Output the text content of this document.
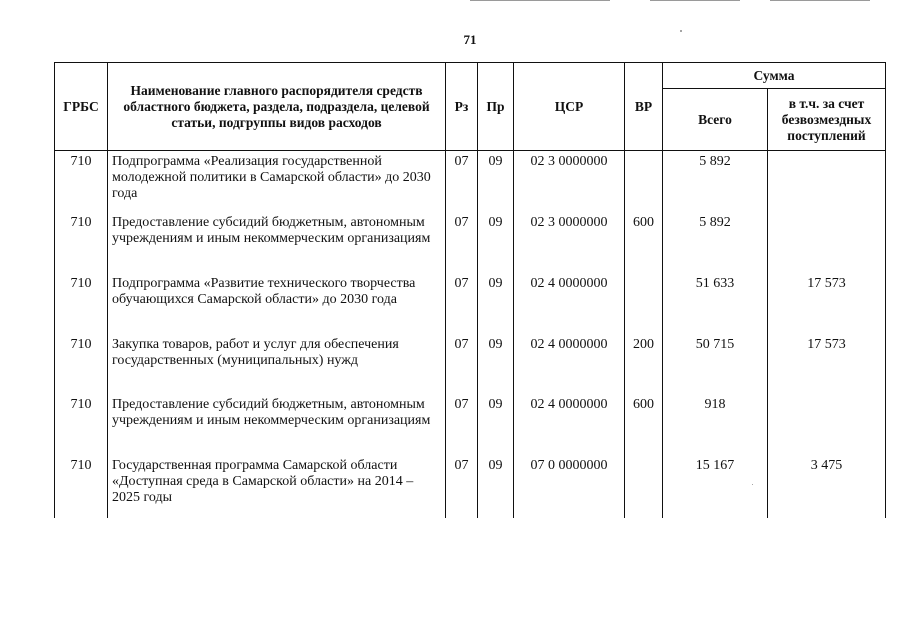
71
ГРБС	Наименование главного распорядителя средств областного бюджета, раздела, подраздела, целевой статьи, подгруппы видов расходов	Рз	Пр	ЦСР	ВР	Сумма	
						Всего	в т.ч. за счет безвозмездных поступлений
710	Подпрограмма «Реализация государственной молодежной политики в Самарской области» до 2030 года	07	09	02 3 0000000		5 892	
710	Предоставление субсидий бюджетным, автономным учреждениям и иным некоммерческим организациям	07	09	02 3 0000000	600	5 892	
710	Подпрограмма «Развитие технического творчества обучающихся Самарской области» до 2030 года	07	09	02 4 0000000		51 633	17 573
710	Закупка товаров, работ и услуг для обеспечения государственных (муниципальных) нужд	07	09	02 4 0000000	200	50 715	17 573
710	Предоставление субсидий бюджетным, автономным учреждениям и иным некоммерческим организациям	07	09	02 4 0000000	600	918	
710	Государственная программа Самарской области «Доступная среда в Самарской области» на 2014 – 2025 годы	07	09	07 0 0000000		15 167	3 475
